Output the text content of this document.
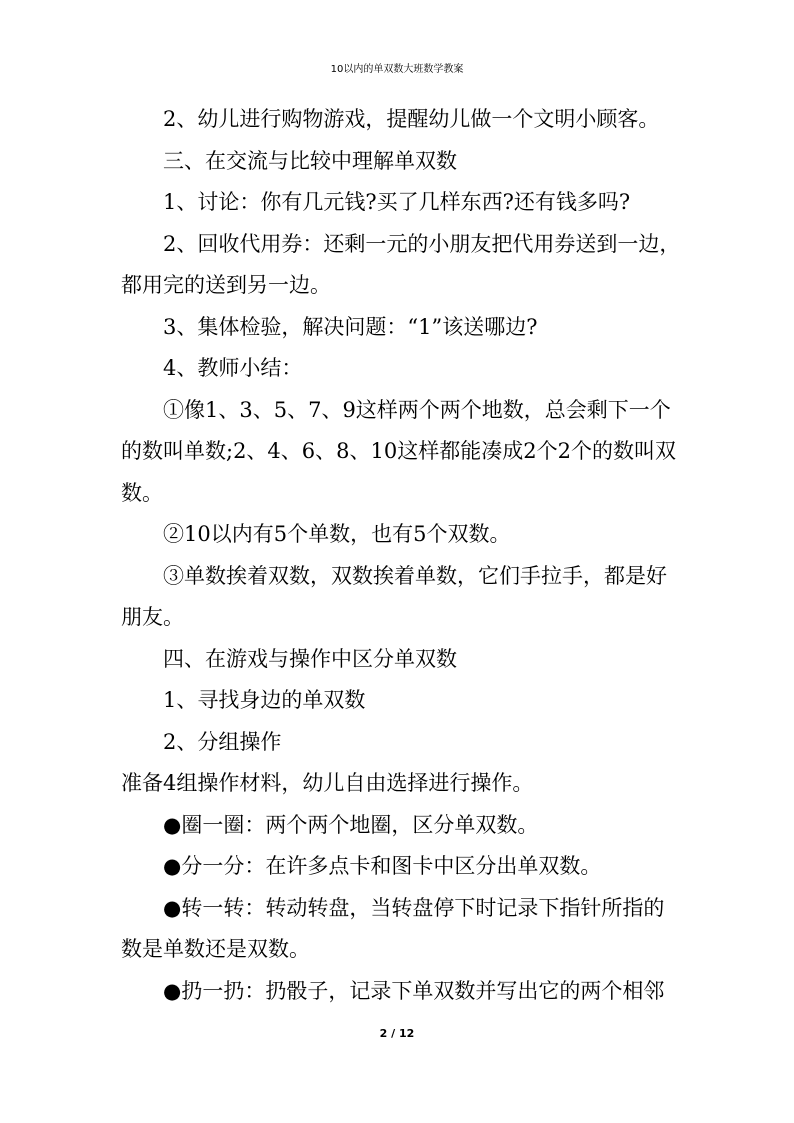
10以内的单双数大班数学教案

2、幼儿进行购物游戏，提醒幼儿做一个文明小顾客。

三、在交流与比较中理解单双数

1、讨论：你有几元钱?买了几样东西?还有钱多吗?

2、回收代用券：还剩一元的小朋友把代用券送到一边，

都用完的送到另一边。

3、集体检验，解决问题：“1”该送哪边?

4、教师小结：

①像1、3、5、7、9这样两个两个地数，总会剩下一个的数叫单数;2、4、6、8、10这样都能凑成2个2个的数叫双数。

②10以内有5个单数，也有5个双数。

③单数挨着双数，双数挨着单数，它们手拉手，都是好朋友。

四、在游戏与操作中区分单双数

1、寻找身边的单双数

2、分组操作

准备4组操作材料，幼儿自由选择进行操作。

●圈一圈：两个两个地圈，区分单双数。

●分一分：在许多点卡和图卡中区分出单双数。

●转一转：转动转盘，当转盘停下时记录下指针所指的数是单数还是双数。

●扔一扔：扔骰子，记录下单双数并写出它的两个相邻

2 / 12
